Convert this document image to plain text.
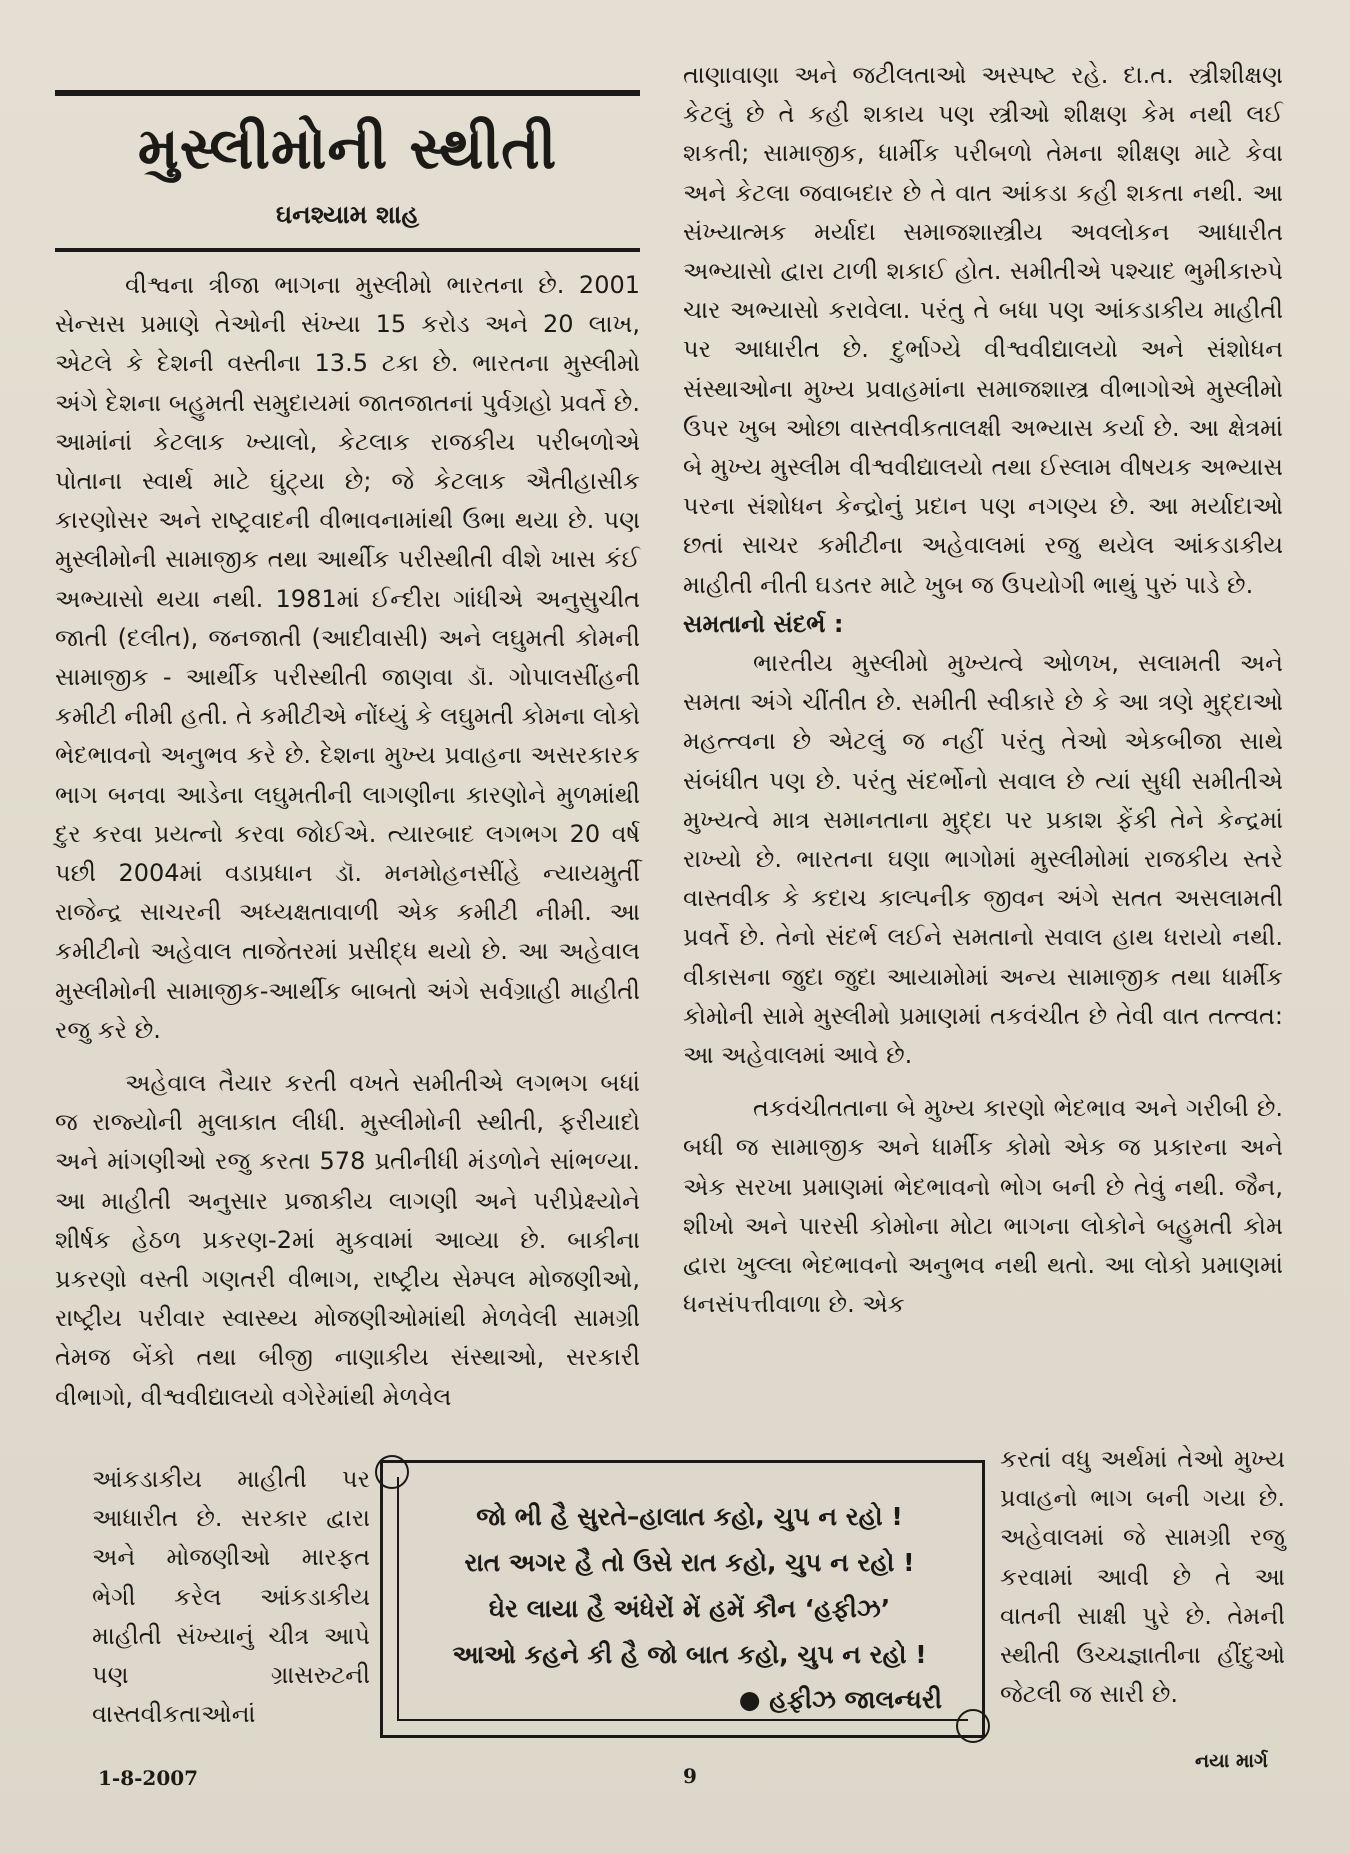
મુસ્લીમોની સ્થીતી
ઘનશ્યામ શાહ

વીશ્વના ત્રીજા ભાગના મુસ્લીમો ભારતના છે. 2001 સેન્સસ પ્રમાણે તેઓની સંખ્યા 15 કરોડ અને 20 લાખ, એટલે કે દેશની વસ્તીના 13.5 ટકા છે. ભારતના મુસ્લીમો અંગે દેશના બહુમતી સમુદાયમાં જાતજાતનાં પુર્વગ્રહો પ્રવર્તે છે. આમાંનાં કેટલાક ખ્યાલો, કેટલાક રાજકીય પરીબળોએ પોતાના સ્વાર્થ માટે ઘુંટ્યા છે; જે કેટલાક ઐતીહાસીક કારણોસર અને રાષ્ટ્રવાદની વીભાવનામાંથી ઉભા થયા છે. પણ મુસ્લીમોની સામાજીક તથા આર્થીક પરીસ્થીતી વીશે ખાસ કંઈ અભ્યાસો થયા નથી. 1981માં ઈન્દીરા ગાંધીએ અનુસુચીત જાતી (દલીત), જનજાતી (આદીવાસી) અને લઘુમતી કોમની સામાજીક - આર્થીક પરીસ્થીતી જાણવા ડૉ. ગોપાલસીંહની કમીટી નીમી હતી. તે કમીટીએ નોંધ્યું કે લઘુમતી કોમના લોકો ભેદભાવનો અનુભવ કરે છે. દેશના મુખ્ય પ્રવાહના અસરકારક ભાગ બનવા આડેના લઘુમતીની લાગણીના કારણોને મુળમાંથી દુર કરવા પ્રયત્નો કરવા જોઈએ. ત્યારબાદ લગભગ 20 વર્ષ પછી 2004માં વડાપ્રધાન ડૉ. મનમોહનસીંહે ન્યાયમુર્તી રાજેન્દ્ર સાચરની અધ્યક્ષતાવાળી એક કમીટી નીમી. આ કમીટીનો અહેવાલ તાજેતરમાં પ્રસીદ્ધ થયો છે. આ અહેવાલ મુસ્લીમોની સામાજીક-આર્થીક બાબતો અંગે સર્વગ્રાહી માહીતી રજુ કરે છે.

અહેવાલ તૈયાર કરતી વખતે સમીતીએ લગભગ બધાં જ રાજ્યોની મુલાકાત લીધી. મુસ્લીમોની સ્થીતી, ફરીયાદો અને માંગણીઓ રજુ કરતા 578 પ્રતીનીધી મંડળોને સાંભળ્યા. આ માહીતી અનુસાર પ્રજાકીય લાગણી અને પરીપ્રેક્ષ્યોને શીર્ષક હેઠળ પ્રકરણ-2માં મુકવામાં આવ્યા છે. બાકીના પ્રકરણો વસ્તી ગણતરી વીભાગ, રાષ્ટ્રીય સેમ્પલ મોજણીઓ, રાષ્ટ્રીય પરીવાર સ્વાસ્થ્ય મોજણીઓમાંથી મેળવેલી સામગ્રી તેમજ બેંકો તથા બીજી નાણાકીય સંસ્થાઓ, સરકારી વીભાગો, વીશ્વવીદ્યાલયો વગેરેમાંથી મેળવેલ

તાણાવાણા અને જટીલતાઓ અસ્પષ્ટ રહે. દા.ત. સ્ત્રીશીક્ષણ કેટલું છે તે કહી શકાય પણ સ્ત્રીઓ શીક્ષણ કેમ નથી લઈ શકતી; સામાજીક, ધાર્મીક પરીબળો તેમના શીક્ષણ માટે કેવા અને કેટલા જવાબદાર છે તે વાત આંકડા કહી શકતા નથી. આ સંખ્યાત્મક મર્યાદા સમાજશાસ્ત્રીય અવલોકન આધારીત અભ્યાસો દ્વારા ટાળી શકાઈ હોત. સમીતીએ પશ્ચાદ ભુમીકારુપે ચાર અભ્યાસો કરાવેલા. પરંતુ તે બધા પણ આંકડાકીય માહીતી પર આધારીત છે. દુર્ભાગ્યે વીશ્વવીદ્યાલયો અને સંશોધન સંસ્થાઓના મુખ્ય પ્રવાહમાંના સમાજશાસ્ત્ર વીભાગોએ મુસ્લીમો ઉપર ખુબ ઓછા વાસ્તવીકતાલક્ષી અભ્યાસ કર્યા છે. આ ક્ષેત્રમાં બે મુખ્ય મુસ્લીમ વીશ્વવીદ્યાલયો તથા ઈસ્લામ વીષયક અભ્યાસ પરના સંશોધન કેન્દ્રોનું પ્રદાન પણ નગણ્ય છે. આ મર્યાદાઓ છતાં સાચર કમીટીના અહેવાલમાં રજુ થયેલ આંકડાકીય માહીતી નીતી ઘડતર માટે ખુબ જ ઉપયોગી ભાથું પુરું પાડે છે.

સમતાનો સંદર્ભ :

ભારતીય મુસ્લીમો મુખ્યત્વે ઓળખ, સલામતી અને સમતા અંગે ચીંતીત છે. સમીતી સ્વીકારે છે કે આ ત્રણે મુદ્દાઓ મહત્ત્વના છે એટલું જ નહીં પરંતુ તેઓ એકબીજા સાથે સંબંધીત પણ છે. પરંતુ સંદર્ભોનો સવાલ છે ત્યાં સુધી સમીતીએ મુખ્યત્વે માત્ર સમાનતાના મુદ્દા પર પ્રકાશ ફેંકી તેને કેન્દ્રમાં રાખ્યો છે. ભારતના ઘણા ભાગોમાં મુસ્લીમોમાં રાજકીય સ્તરે વાસ્તવીક કે કદાચ કાલ્પનીક જીવન અંગે સતત અસલામતી પ્રવર્તે છે. તેનો સંદર્ભ લઈને સમતાનો સવાલ હાથ ધરાયો નથી. વીકાસના જુદા જુદા આયામોમાં અન્ય સામાજીક તથા ધાર્મીક કોમોની સામે મુસ્લીમો પ્રમાણમાં તકવંચીત છે તેવી વાત તત્ત્વત: આ અહેવાલમાં આવે છે.

તકવંચીતતાના બે મુખ્ય કારણો ભેદભાવ અને ગરીબી છે. બધી જ સામાજીક અને ધાર્મીક કોમો એક જ પ્રકારના અને એક સરખા પ્રમાણમાં ભેદભાવનો ભોગ બની છે તેવું નથી. જૈન, શીખો અને પારસી કોમોના મોટા ભાગના લોકોને બહુમતી કોમ દ્વારા ખુલ્લા ભેદભાવનો અનુભવ નથી થતો. આ લોકો પ્રમાણમાં ધનસંપત્તીવાળા છે. એક

આંકડાકીય માહીતી પર આધારીત છે. સરકાર દ્વારા અને મોજણીઓ મારફત ભેગી કરેલ આંકડાકીય માહીતી સંખ્યાનું ચીત્ર આપે પણ ગ્રાસરુટની વાસ્તવીકતાઓનાં
જો ભી હૈ સુરતે–હાલાત કહો, ચુપ ન રહો !
રાત અગર હૈ તો ઉસે રાત કહો, ચુપ ન રહો !
ઘેર લાયા હૈ અંધેરોં મેં હમેં કૌન ‘હફીઝ’
આઓ કહને કી હૈ જો બાત કહો, ચુપ ન રહો !
● હફીઝ જાલન્ધરી
કરતાં વધુ અર્થમાં તેઓ મુખ્ય પ્રવાહનો ભાગ બની ગયા છે. અહેવાલમાં જે સામગ્રી રજુ કરવામાં આવી છે તે આ વાતની સાક્ષી પુરે છે. તેમની સ્થીતી ઉચ્ચજ્ઞાતીના હીંદુઓ જેટલી જ સારી છે.
1-8-2007	9
નયા માર્ગ
